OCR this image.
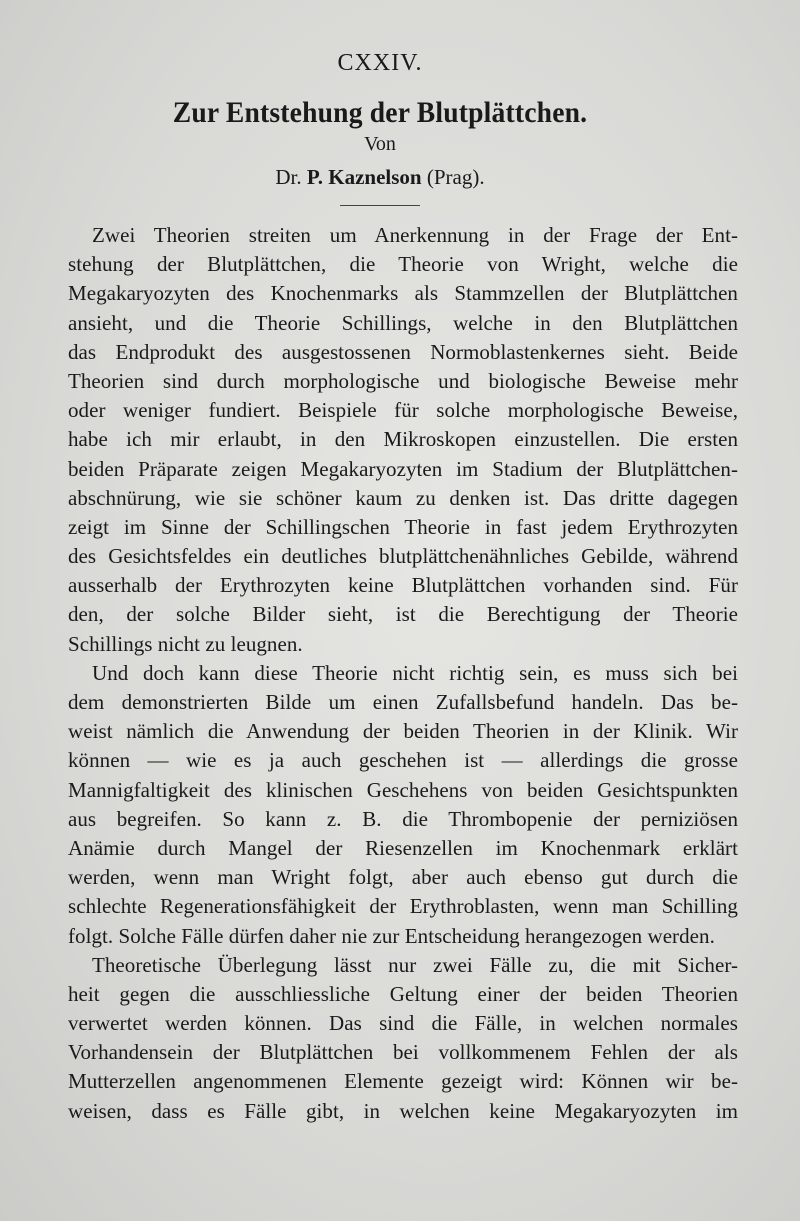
CXXIV.
Zur Entstehung der Blutplättchen.
Von
Dr. P. Kaznelson (Prag).
Zwei Theorien streiten um Anerkennung in der Frage der Ent-
stehung der Blutplättchen, die Theorie von Wright, welche die
Megakaryozyten des Knochenmarks als Stammzellen der Blutplättchen
ansieht, und die Theorie Schillings, welche in den Blutplättchen
das Endprodukt des ausgestossenen Normoblastenkernes sieht. Beide
Theorien sind durch morphologische und biologische Beweise mehr
oder weniger fundiert. Beispiele für solche morphologische Beweise,
habe ich mir erlaubt, in den Mikroskopen einzustellen. Die ersten
beiden Präparate zeigen Megakaryozyten im Stadium der Blutplättchen-
abschnürung, wie sie schöner kaum zu denken ist. Das dritte dagegen
zeigt im Sinne der Schillingschen Theorie in fast jedem Erythrozyten
des Gesichtsfeldes ein deutliches blutplättchenähnliches Gebilde, während
ausserhalb der Erythrozyten keine Blutplättchen vorhanden sind. Für
den, der solche Bilder sieht, ist die Berechtigung der Theorie
Schillings nicht zu leugnen.
Und doch kann diese Theorie nicht richtig sein, es muss sich bei
dem demonstrierten Bilde um einen Zufallsbefund handeln. Das be-
weist nämlich die Anwendung der beiden Theorien in der Klinik. Wir
können — wie es ja auch geschehen ist — allerdings die grosse
Mannigfaltigkeit des klinischen Geschehens von beiden Gesichtspunkten
aus begreifen. So kann z. B. die Thrombopenie der perniziösen
Anämie durch Mangel der Riesenzellen im Knochenmark erklärt
werden, wenn man Wright folgt, aber auch ebenso gut durch die
schlechte Regenerationsfähigkeit der Erythroblasten, wenn man Schilling
folgt. Solche Fälle dürfen daher nie zur Entscheidung herangezogen werden.
Theoretische Überlegung lässt nur zwei Fälle zu, die mit Sicher-
heit gegen die ausschliessliche Geltung einer der beiden Theorien
verwertet werden können. Das sind die Fälle, in welchen normales
Vorhandensein der Blutplättchen bei vollkommenem Fehlen der als
Mutterzellen angenommenen Elemente gezeigt wird: Können wir be-
weisen, dass es Fälle gibt, in welchen keine Megakaryozyten im
